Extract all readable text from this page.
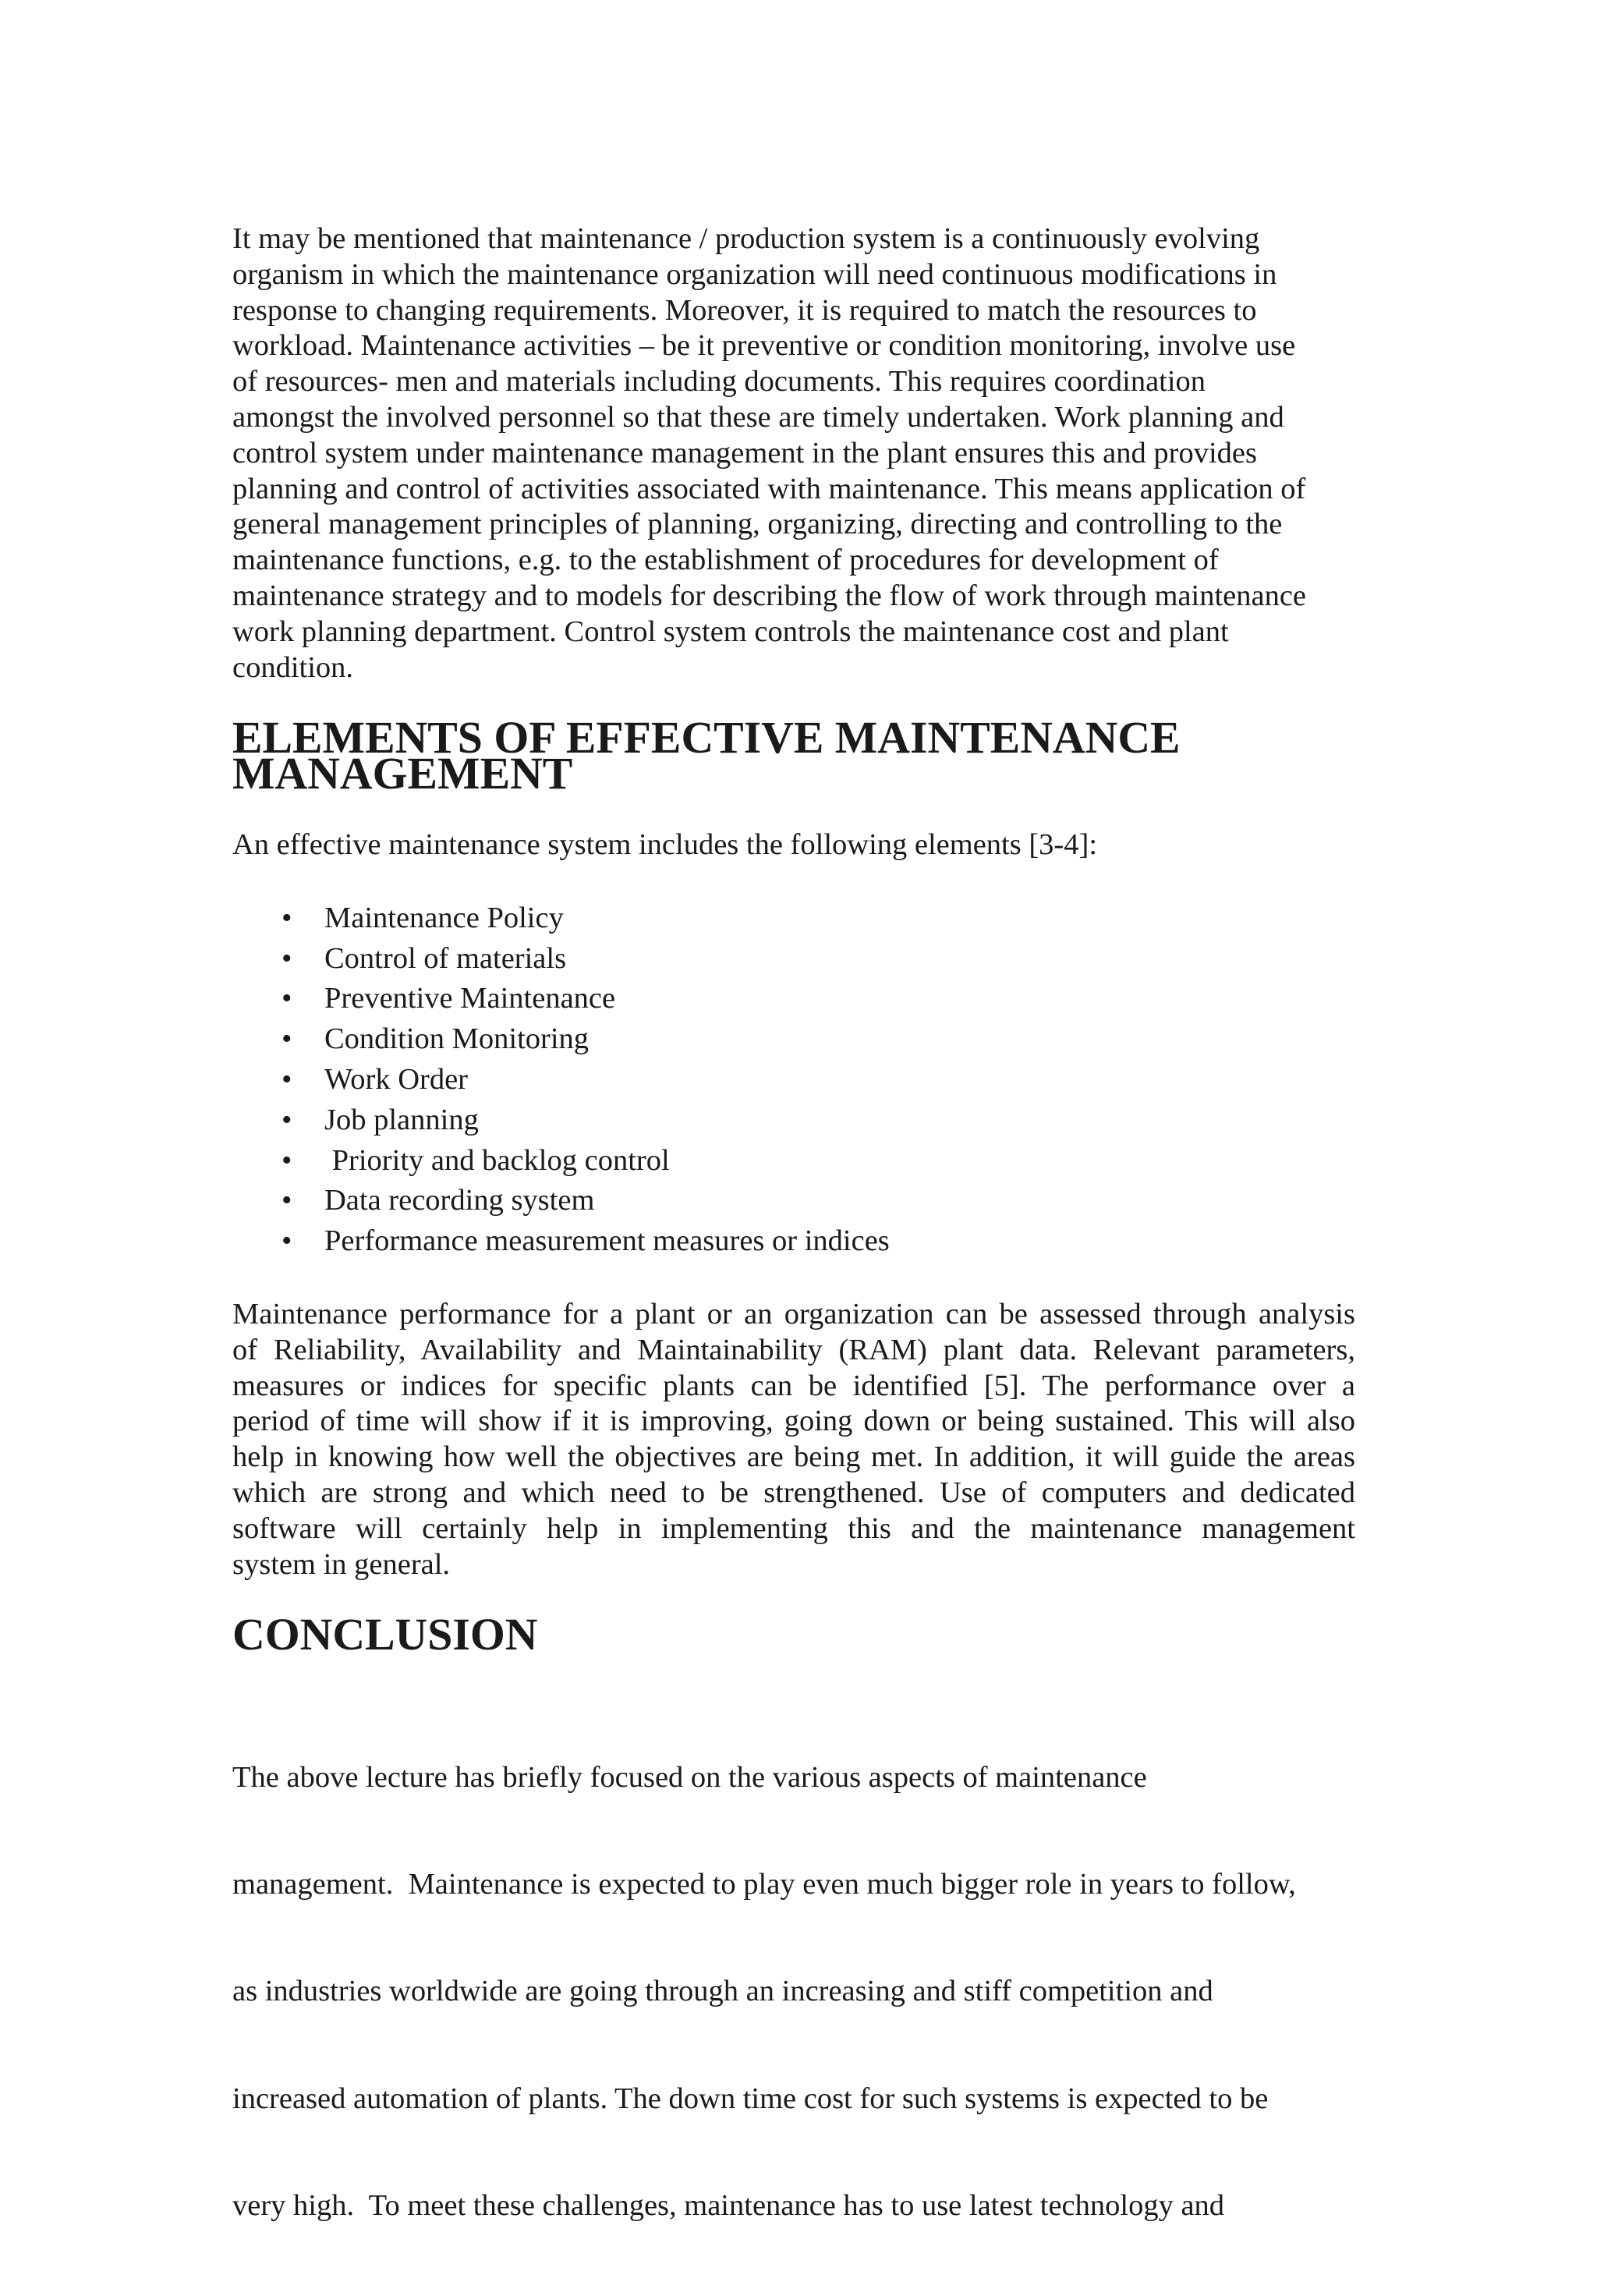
It may be mentioned that maintenance / production system is a continuously evolving
organism in which the maintenance organization will need continuous modifications in
response to changing requirements. Moreover, it is required to match the resources to
workload. Maintenance activities – be it preventive or condition monitoring, involve use
of resources- men and materials including documents. This requires coordination
amongst the involved personnel so that these are timely undertaken. Work planning and
control system under maintenance management in the plant ensures this and provides
planning and control of activities associated with maintenance. This means application of
general management principles of planning, organizing, directing and controlling to the
maintenance functions, e.g. to the establishment of procedures for development of
maintenance strategy and to models for describing the flow of work through maintenance
work planning department. Control system controls the maintenance cost and plant
condition.

ELEMENTS OF EFFECTIVE MAINTENANCE MANAGEMENT

An effective maintenance system includes the following elements [3-4]:

• Maintenance Policy
• Control of materials
• Preventive Maintenance
• Condition Monitoring
• Work Order
• Job planning
• Priority and backlog control
• Data recording system
• Performance measurement measures or indices

Maintenance performance for a plant or an organization can be assessed through analysis
of Reliability, Availability and Maintainability (RAM) plant data. Relevant parameters,
measures or indices for specific plants can be identified [5]. The performance over a
period of time will show if it is improving, going down or being sustained. This will also
help in knowing how well the objectives are being met. In addition, it will guide the areas
which are strong and which need to be strengthened. Use of computers and dedicated
software will certainly help in implementing this and the maintenance management
system in general.

CONCLUSION

The above lecture has briefly focused on the various aspects of maintenance

management.  Maintenance is expected to play even much bigger role in years to follow,

as industries worldwide are going through an increasing and stiff competition and

increased automation of plants. The down time cost for such systems is expected to be

very high.  To meet these challenges, maintenance has to use latest technology and
